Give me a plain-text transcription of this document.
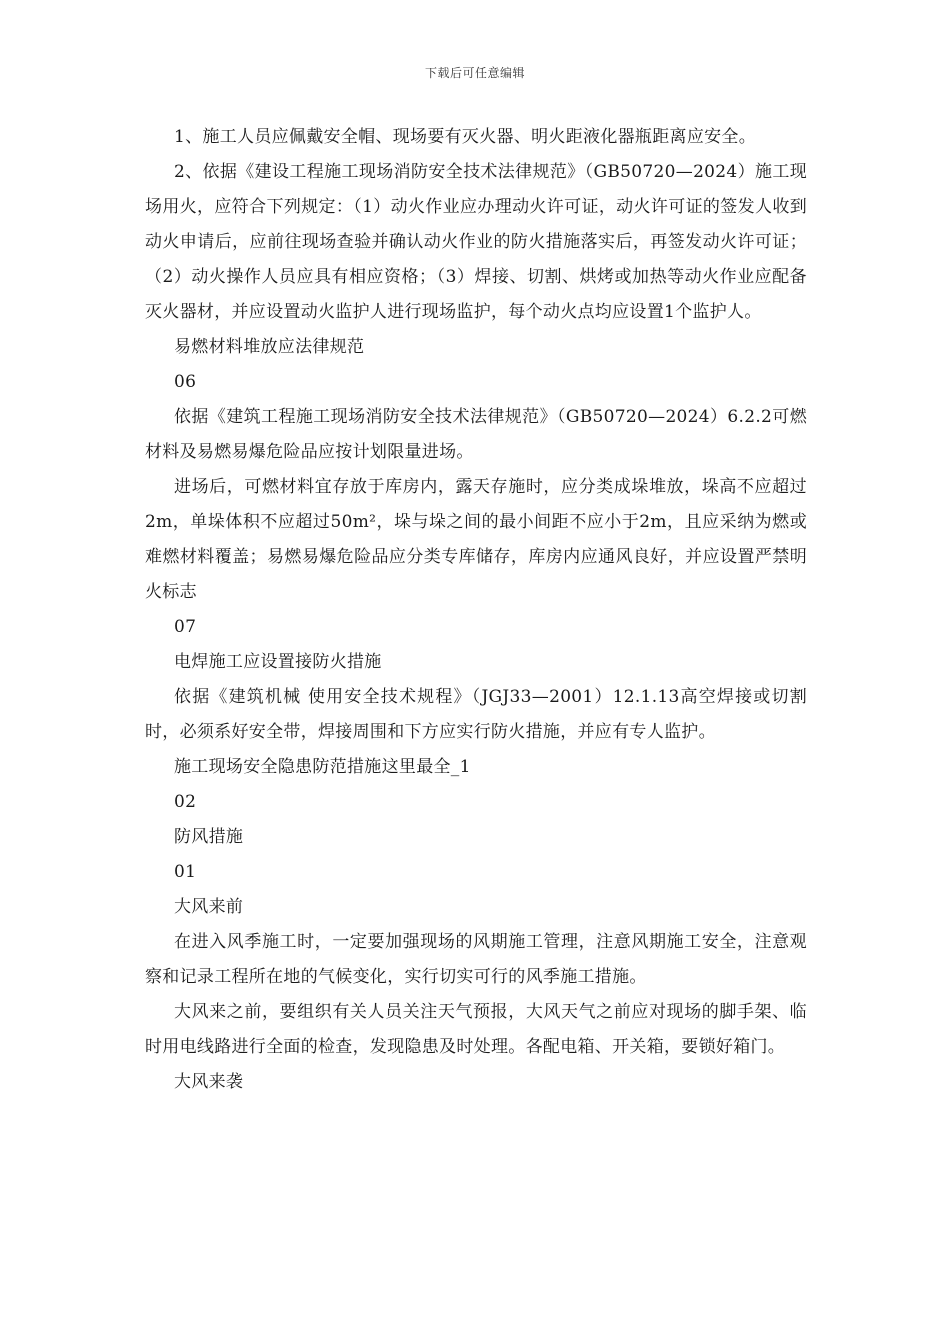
下载后可任意编辑

1、施工人员应佩戴安全帽、现场要有灭火器、明火距液化器瓶距离应安全。

2、依据《建设工程施工现场消防安全技术法律规范》（GB50720—2024）施工现场用火，应符合下列规定：（1）动火作业应办理动火许可证，动火许可证的签发人收到动火申请后，应前往现场查验并确认动火作业的防火措施落实后，再签发动火许可证；（2）动火操作人员应具有相应资格；（3）焊接、切割、烘烤或加热等动火作业应配备灭火器材，并应设置动火监护人进行现场监护，每个动火点均应设置1个监护人。

易燃材料堆放应法律规范

06

依据《建筑工程施工现场消防安全技术法律规范》（GB50720—2024）6.2.2可燃材料及易燃易爆危险品应按计划限量进场。

进场后，可燃材料宜存放于库房内，露天存施时，应分类成垛堆放，垛高不应超过2m，单垛体积不应超过50m²，垛与垛之间的最小间距不应小于2m，且应采纳为燃或难燃材料覆盖；易燃易爆危险品应分类专库储存，库房内应通风良好，并应设置严禁明火标志

07

电焊施工应设置接防火措施

依据《建筑机械 使用安全技术规程》（JGJ33—2001）12.1.13高空焊接或切割时，必须系好安全带，焊接周围和下方应实行防火措施，并应有专人监护。

施工现场安全隐患防范措施这里最全_1

02

防风措施

01

大风来前

在进入风季施工时，一定要加强现场的风期施工管理，注意风期施工安全，注意观察和记录工程所在地的气候变化，实行切实可行的风季施工措施。

大风来之前，要组织有关人员关注天气预报，大风天气之前应对现场的脚手架、临时用电线路进行全面的检查，发现隐患及时处理。各配电箱、开关箱，要锁好箱门。

大风来袭
